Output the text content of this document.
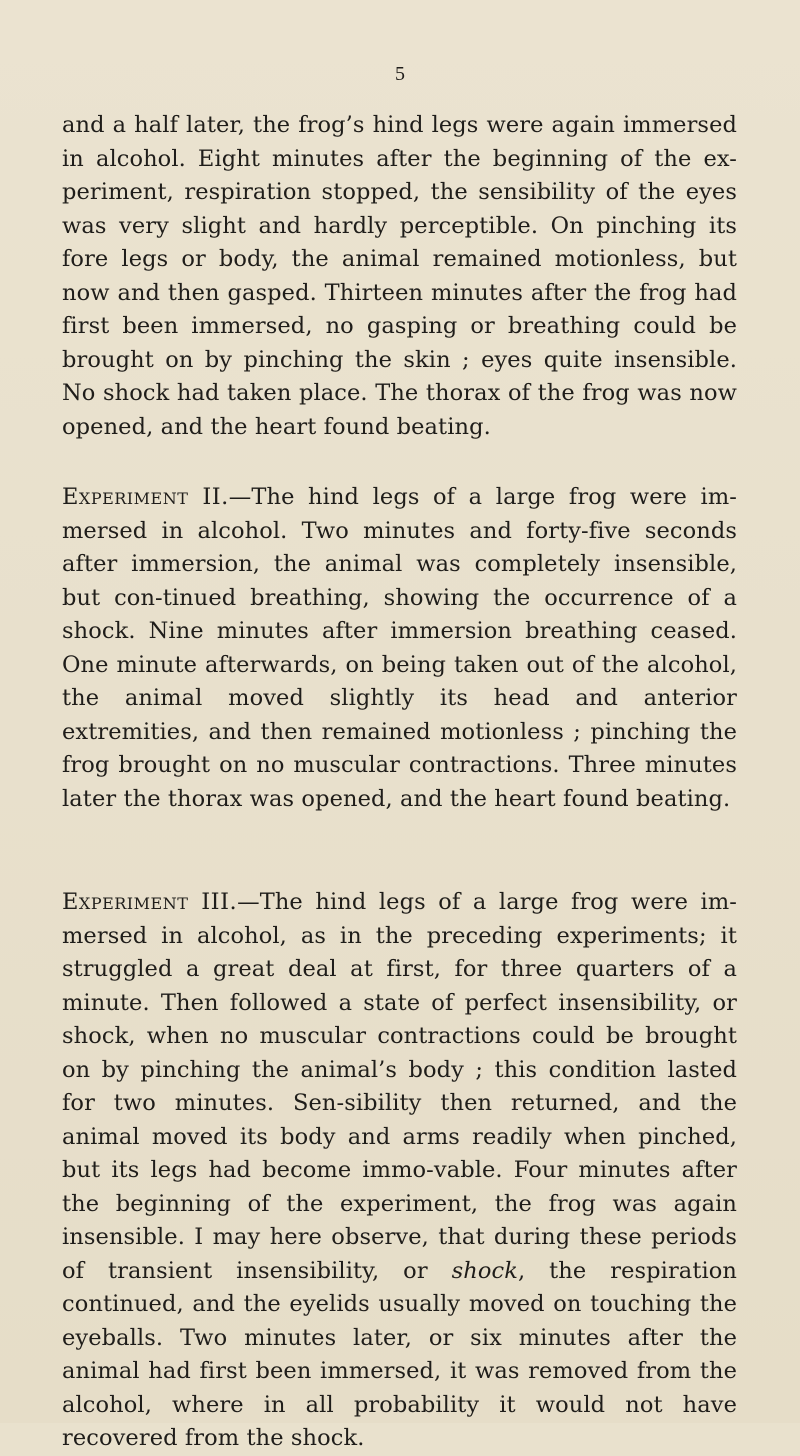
5

and a half later, the frog’s hind legs were again immersed in alcohol. Eight minutes after the beginning of the ex-periment, respiration stopped, the sensibility of the eyes was very slight and hardly perceptible. On pinching its fore legs or body, the animal remained motionless, but now and then gasped. Thirteen minutes after the frog had first been immersed, no gasping or breathing could be brought on by pinching the skin ; eyes quite insensible. No shock had taken place. The thorax of the frog was now opened, and the heart found beating.

Experiment II.—The hind legs of a large frog were im-mersed in alcohol. Two minutes and forty-five seconds after immersion, the animal was completely insensible, but con-tinued breathing, showing the occurrence of a shock. Nine minutes after immersion breathing ceased. One minute afterwards, on being taken out of the alcohol, the animal moved slightly its head and anterior extremities, and then remained motionless ; pinching the frog brought on no muscular contractions. Three minutes later the thorax was opened, and the heart found beating.

Experiment III.—The hind legs of a large frog were im-mersed in alcohol, as in the preceding experiments; it struggled a great deal at first, for three quarters of a minute. Then followed a state of perfect insensibility, or shock, when no muscular contractions could be brought on by pinching the animal’s body ; this condition lasted for two minutes. Sen-sibility then returned, and the animal moved its body and arms readily when pinched, but its legs had become immo-vable. Four minutes after the beginning of the experiment, the frog was again insensible. I may here observe, that during these periods of transient insensibility, or shock, the respiration continued, and the eyelids usually moved on touching the eyeballs. Two minutes later, or six minutes after the animal had first been immersed, it was removed from the alcohol, where in all probability it would not have recovered from the shock.
